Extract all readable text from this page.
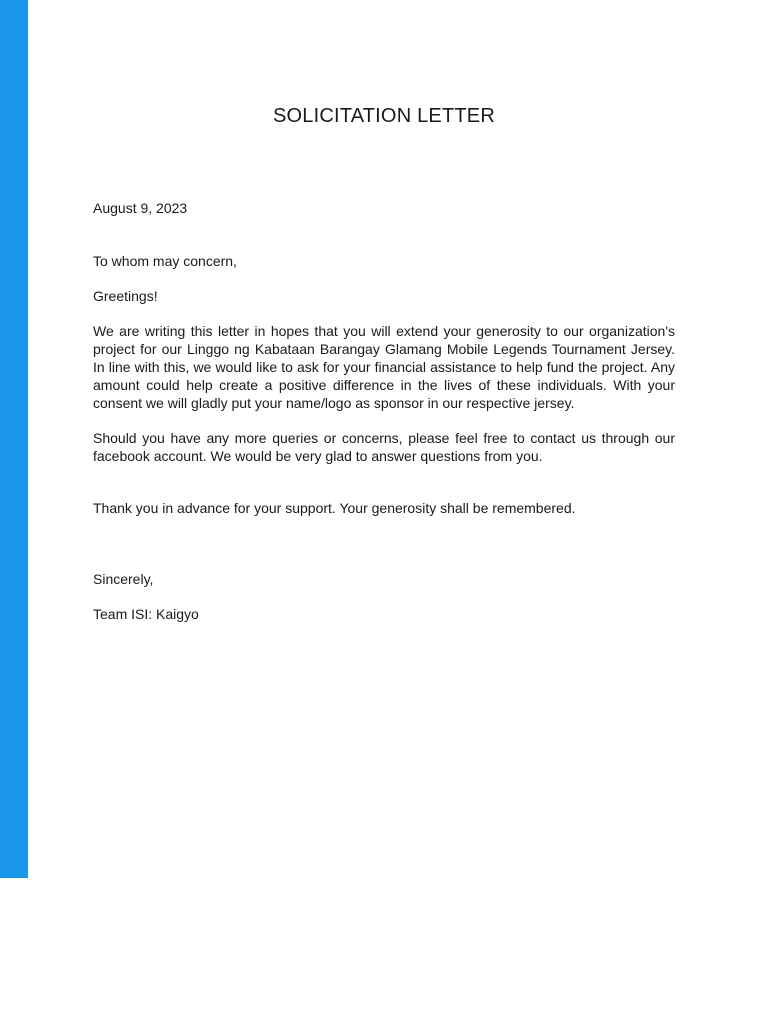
SOLICITATION LETTER
August 9, 2023
To whom may concern,
Greetings!
We are writing this letter in hopes that you will extend your generosity to our organization's project for our Linggo ng Kabataan Barangay Glamang Mobile Legends Tournament Jersey. In line with this, we would like to ask for your financial assistance to help fund the project. Any amount could help create a positive difference in the lives of these individuals. With your consent we will gladly put your name/logo as sponsor in our respective jersey.
Should you have any more queries or concerns, please feel free to contact us through our facebook account. We would be very glad to answer questions from you.
Thank you in advance for your support. Your generosity shall be remembered.
Sincerely,
Team ISI: Kaigyo
